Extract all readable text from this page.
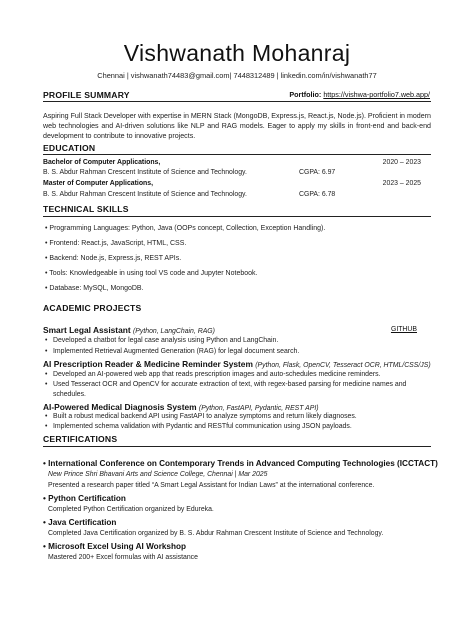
Vishwanath Mohanraj
Chennai | vishwanath74483@gmail.com| 7448312489 | linkedin.com/in/vishwanath77
PROFILE SUMMARY	Portfolio: https://vishwa-portfolio7.web.app/
Aspiring Full Stack Developer with expertise in MERN Stack (MongoDB, Express.js, React.js, Node.js). Proficient in modern web technologies and AI-driven solutions like NLP and RAG models. Eager to apply my skills in front-end and back-end development to contribute to innovative projects.
EDUCATION
Bachelor of Computer Applications,	2020 – 2023
B. S. Abdur Rahman Crescent Institute of Science and Technology.	CGPA: 6.97
Master of Computer Applications,	2023 – 2025
B. S. Abdur Rahman Crescent Institute of Science and Technology.	CGPA: 6.78
TECHNICAL SKILLS
• Programming Languages: Python, Java (OOPs concept, Collection, Exception Handling).
• Frontend: React.js, JavaScript, HTML, CSS.
• Backend: Node.js, Express.js, REST APIs.
• Tools: Knowledgeable in using tool VS code and Jupyter Notebook.
• Database: MySQL, MongoDB.
ACADEMIC PROJECTS
Smart Legal Assistant (Python, LangChain, RAG)	GITHUB
• Developed a chatbot for legal case analysis using Python and LangChain.
• Implemented Retrieval Augmented Generation (RAG) for legal document search.
AI Prescription Reader & Medicine Reminder System (Python, Flask, OpenCV, Tesseract OCR, HTML/CSS/JS)
• Developed an AI-powered web app that reads prescription images and auto-schedules medicine reminders.
• Used Tesseract OCR and OpenCV for accurate extraction of text, with regex-based parsing for medicine names and schedules.
AI-Powered Medical Diagnosis System (Python, FastAPI, Pydantic, REST API)
• Built a robust medical backend API using FastAPI to analyze symptoms and return likely diagnoses.
• Implemented schema validation with Pydantic and RESTful communication using JSON payloads.
CERTIFICATIONS
• International Conference on Contemporary Trends in Advanced Computing Technologies (ICCTACT)
New Prince Shri Bhavani Arts and Science College, Chennai | Mar 2025
Presented a research paper titled “A Smart Legal Assistant for Indian Laws” at the international conference.
• Python Certification
Completed Python Certification organized by Edureka.
• Java Certification
Completed Java Certification organized by B. S. Abdur Rahman Crescent Institute of Science and Technology.
• Microsoft Excel Using AI Workshop
Mastered 200+ Excel formulas with AI assistance
